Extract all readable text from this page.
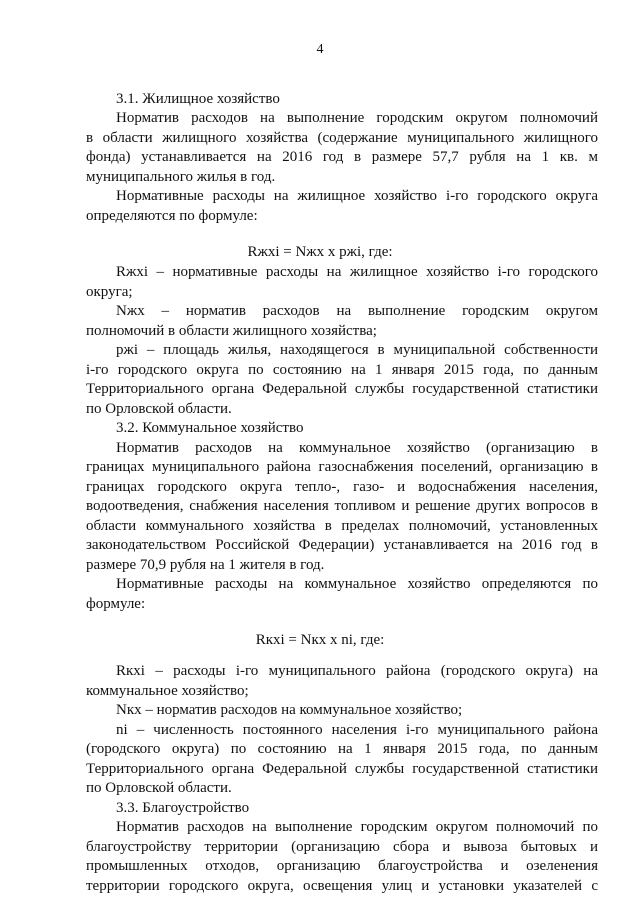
4
3.1. Жилищное хозяйство
Норматив расходов на выполнение городским округом полномочий
в области жилищного хозяйства (содержание муниципального жилищного
фонда) устанавливается на 2016 год в размере 57,7 рубля на 1 кв. м
муниципального жилья в год.
Нормативные расходы на жилищное хозяйство i-го городского округа
определяются по формуле:
Rжхi = Nжх x pжi, где:
Rжхi – нормативные расходы на жилищное хозяйство i-го городского
округа;
Nжх – норматив расходов на выполнение городским округом
полномочий в области жилищного хозяйства;
pжi – площадь жилья, находящегося в муниципальной собственности
i-го городского округа по состоянию на 1 января 2015 года, по данным
Территориального органа Федеральной службы государственной статистики
по Орловской области.
3.2. Коммунальное хозяйство
Норматив расходов на коммунальное хозяйство (организацию в
границах муниципального района газоснабжения поселений, организацию в
границах городского округа тепло-, газо- и водоснабжения населения,
водоотведения, снабжения населения топливом и решение других вопросов в
области коммунального хозяйства в пределах полномочий, установленных
законодательством Российской Федерации) устанавливается на 2016 год в
размере 70,9 рубля на 1 жителя в год.
Нормативные расходы на коммунальное хозяйство определяются по
формуле:
Rкхi = Nкх x ni, где:
Rкхi – расходы i-го муниципального района (городского округа) на
коммунальное хозяйство;
Nкх – норматив расходов на коммунальное хозяйство;
ni – численность постоянного населения i-го муниципального района
(городского округа) по состоянию на 1 января 2015 года, по данным
Территориального органа Федеральной службы государственной статистики
по Орловской области.
3.3. Благоустройство
Норматив расходов на выполнение городским округом полномочий по
благоустройству территории (организацию сбора и вывоза бытовых и
промышленных отходов, организацию благоустройства и озеленения
территории городского округа, освещения улиц и установки указателей с
